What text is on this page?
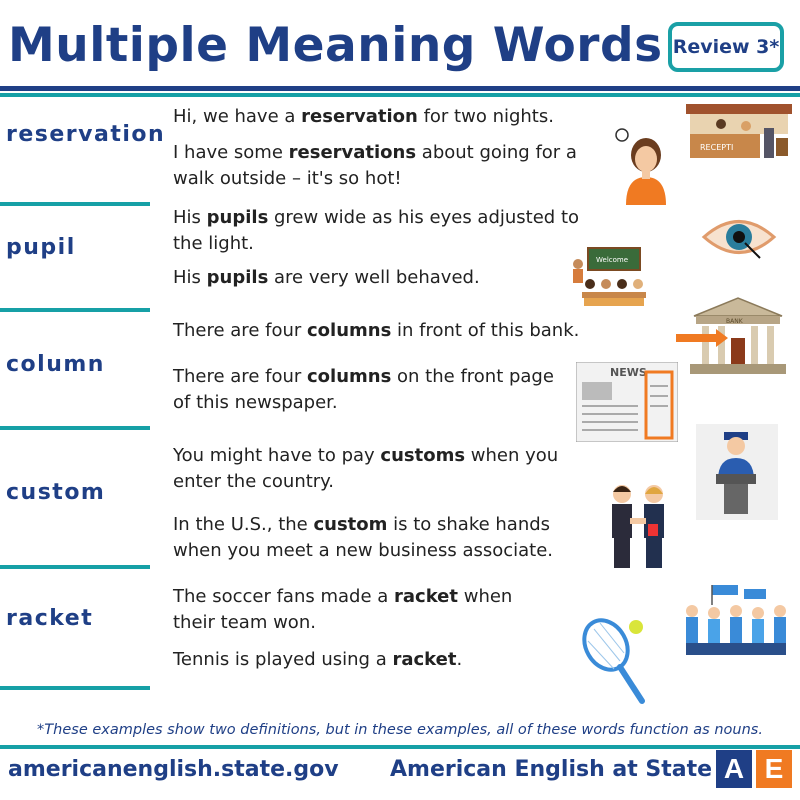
Multiple Meaning Words Review 3*
reservation
Hi, we have a reservation for two nights.
I have some reservations about going for a walk outside – it's so hot!
pupil
His pupils grew wide as his eyes adjusted to the light.
His pupils are very well behaved.
column
There are four columns in front of this bank.
There are four columns on the front page of this newspaper.
custom
You might have to pay customs when you enter the country.
In the U.S., the custom is to shake hands when you meet a new business associate.
racket
The soccer fans made a racket when their team won.
Tennis is played using a racket.
RECEPTI
Welcome
BANK
NEWS
*These examples show two definitions, but in these examples, all of these words function as nouns.
americanenglish.state.gov American English at State A E
